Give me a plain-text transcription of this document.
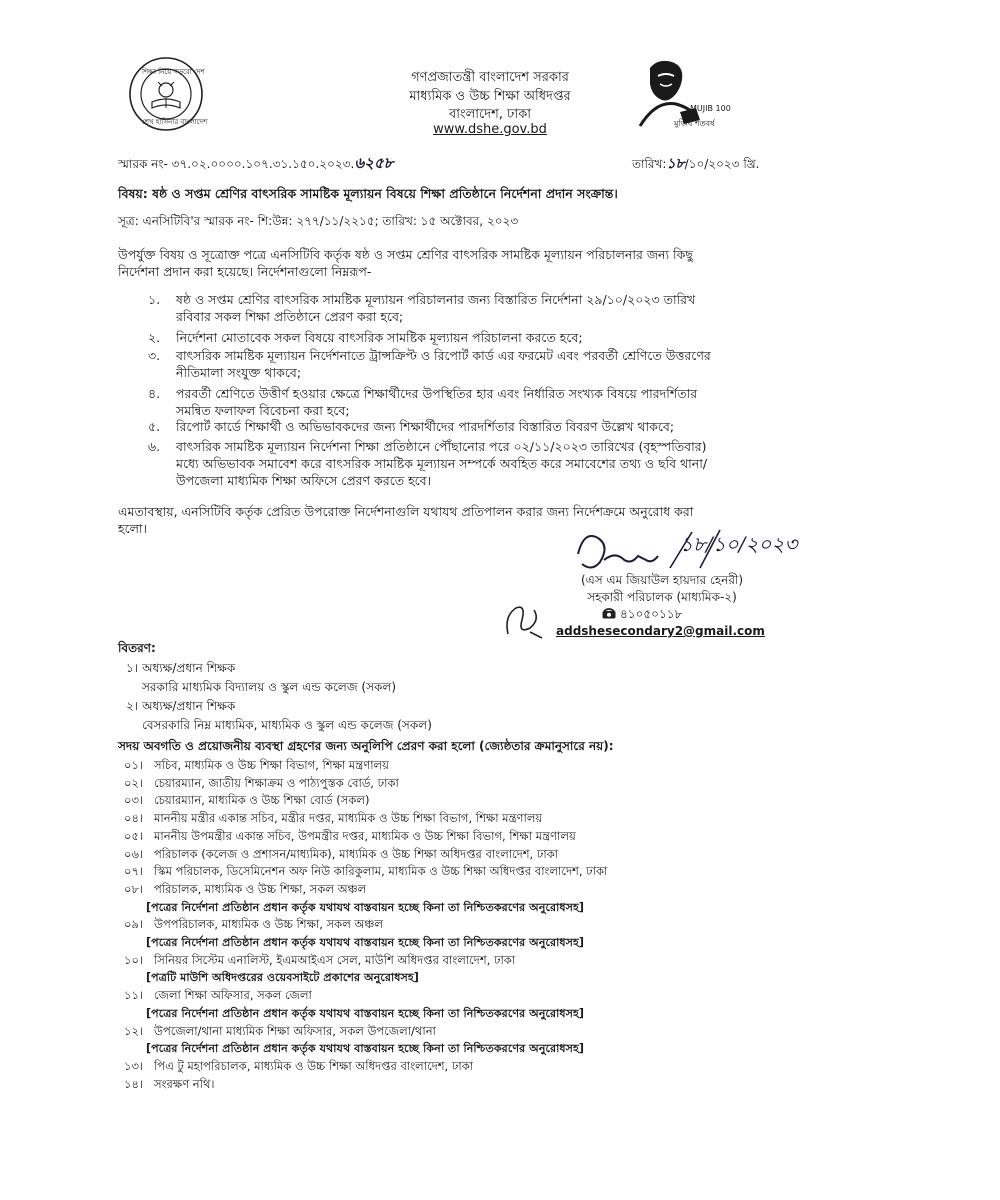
শিক্ষা নিয়ে গড়বো দেশ
শেখ হাসিনার বাংলাদেশ
গণপ্রজাতন্ত্রী বাংলাদেশ সরকার
মাধ্যমিক ও উচ্চ শিক্ষা অধিদপ্তর
বাংলাদেশ, ঢাকা
www.dshe.gov.bd
MUJIB 100
মুজিব শতবর্ষ
স্মারক নং- ৩৭.০২.০০০০.১০৭.৩১.১৫০.২০২৩.৬২৫৮	তারিখ:১৮/১০/২০২৩ খ্রি.
বিষয়: ষষ্ঠ ও সপ্তম শ্রেণির বাৎসরিক সামষ্টিক মূল্যায়ন বিষয়ে শিক্ষা প্রতিষ্ঠানে নির্দেশনা প্রদান সংক্রান্ত।
সূত্র: এনসিটিবি'র স্মারক নং- শি:উন্ন: ২৭৭/১১/২২১৫; তারিখ: ১৫ অক্টোবর, ২০২৩
উপর্যুক্ত বিষয় ও সূত্রোক্ত পত্রে এনসিটিবি কর্তৃক ষষ্ঠ ও সপ্তম শ্রেণির বাৎসরিক সামষ্টিক মূল্যায়ন পরিচালনার জন্য কিছু
নির্দেশনা প্রদান করা হয়েছে। নির্দেশনাগুলো নিম্নরূপ-
১. ষষ্ঠ ও সপ্তম শ্রেণির বাৎসরিক সামষ্টিক মূল্যায়ন পরিচালনার জন্য বিস্তারিত নির্দেশনা ২৯/১০/২০২৩ তারিখ
রবিবার সকল শিক্ষা প্রতিষ্ঠানে প্রেরণ করা হবে;
২. নির্দেশনা মোতাবেক সকল বিষয়ে বাৎসরিক সামষ্টিক মূল্যায়ন পরিচালনা করতে হবে;
৩. বাৎসরিক সামষ্টিক মূল্যায়ন নির্দেশনাতে ট্রান্সক্রিপ্ট ও রিপোর্ট কার্ড এর ফরমেট এবং পরবর্তী শ্রেণিতে উত্তরণের
নীতিমালা সংযুক্ত থাকবে;
৪. পরবর্তী শ্রেণিতে উত্তীর্ণ হওয়ার ক্ষেত্রে শিক্ষার্থীদের উপস্থিতির হার এবং নির্ধারিত সংখ্যক বিষয়ে পারদর্শিতার
সমন্বিত ফলাফল বিবেচনা করা হবে;
৫. রিপোর্ট কার্ডে শিক্ষার্থী ও অভিভাবকদের জন্য শিক্ষার্থীদের পারদর্শিতার বিস্তারিত বিবরণ উল্লেখ থাকবে;
৬. বাৎসরিক সামষ্টিক মূল্যায়ন নির্দেশনা শিক্ষা প্রতিষ্ঠানে পৌঁছানোর পরে ০২/১১/২০২৩ তারিখের (বৃহস্পতিবার)
মধ্যে অভিভাবক সমাবেশ করে বাৎসরিক সামষ্টিক মূল্যায়ন সম্পর্কে অবহিত করে সমাবেশের তথ্য ও ছবি থানা/
উপজেলা মাধ্যমিক শিক্ষা অফিসে প্রেরণ করতে হবে।
এমতাবস্থায়, এনসিটিবি কর্তৃক প্রেরিত উপরোক্ত নির্দেশনাগুলি যথাযথ প্রতিপালন করার জন্য নির্দেশক্রমে অনুরোধ করা
হলো।
১৮/১০/২০২৩
(এস এম জিয়াউল হায়দার হেনরী)
সহকারী পরিচালক (মাধ্যমিক-২)
৪১০৫০১১৮
addshesecondary2@gmail.com
বিতরণ:
১। অধ্যক্ষ/প্রধান শিক্ষক
সরকারি মাধ্যমিক বিদ্যালয় ও স্কুল এন্ড কলেজ (সকল)
২। অধ্যক্ষ/প্রধান শিক্ষক
বেসরকারি নিম্ন মাধ্যমিক, মাধ্যমিক ও স্কুল এন্ড কলেজ (সকল)
সদয় অবগতি ও প্রয়োজনীয় ব্যবস্থা গ্রহণের জন্য অনুলিপি প্রেরণ করা হলো (জ্যেষ্ঠতার ক্রমানুসারে নয়):
০১। সচিব, মাধ্যমিক ও উচ্চ শিক্ষা বিভাগ, শিক্ষা মন্ত্রণালয়
০২। চেয়ারম্যান, জাতীয় শিক্ষাক্রম ও পাঠ্যপুস্তক বোর্ড, ঢাকা
০৩। চেয়ারম্যান, মাধ্যমিক ও উচ্চ শিক্ষা বোর্ড (সকল)
০৪। মাননীয় মন্ত্রীর একান্ত সচিব, মন্ত্রীর দপ্তর, মাধ্যমিক ও উচ্চ শিক্ষা বিভাগ, শিক্ষা মন্ত্রণালয়
০৫। মাননীয় উপমন্ত্রীর একান্ত সচিব, উপমন্ত্রীর দপ্তর, মাধ্যমিক ও উচ্চ শিক্ষা বিভাগ, শিক্ষা মন্ত্রণালয়
০৬। পরিচালক (কলেজ ও প্রশাসন/মাধ্যমিক), মাধ্যমিক ও উচ্চ শিক্ষা অধিদপ্তর বাংলাদেশ, ঢাকা
০৭। স্কিম পরিচালক, ডিসেমিনেশন অফ নিউ কারিকুলাম, মাধ্যমিক ও উচ্চ শিক্ষা অধিদপ্তর বাংলাদেশ, ঢাকা
০৮। পরিচালক, মাধ্যমিক ও উচ্চ শিক্ষা, সকল অঞ্চল
[পত্রের নির্দেশনা প্রতিষ্ঠান প্রধান কর্তৃক যথাযথ বাস্তবায়ন হচ্ছে কিনা তা নিশ্চিতকরণের অনুরোধসহ]
০৯। উপপরিচালক, মাধ্যমিক ও উচ্চ শিক্ষা, সকল অঞ্চল
[পত্রের নির্দেশনা প্রতিষ্ঠান প্রধান কর্তৃক যথাযথ বাস্তবায়ন হচ্ছে কিনা তা নিশ্চিতকরণের অনুরোধসহ]
১০। সিনিয়র সিস্টেম এনালিস্ট, ইএমআইএস সেল, মাউশি অধিদপ্তর বাংলাদেশ, ঢাকা
[পত্রটি মাউশি অধিদপ্তরের ওয়েবসাইটে প্রকাশের অনুরোধসহ]
১১। জেলা শিক্ষা অফিসার, সকল জেলা
[পত্রের নির্দেশনা প্রতিষ্ঠান প্রধান কর্তৃক যথাযথ বাস্তবায়ন হচ্ছে কিনা তা নিশ্চিতকরণের অনুরোধসহ]
১২। উপজেলা/থানা মাধ্যমিক শিক্ষা অফিসার, সকল উপজেলা/থানা
[পত্রের নির্দেশনা প্রতিষ্ঠান প্রধান কর্তৃক যথাযথ বাস্তবায়ন হচ্ছে কিনা তা নিশ্চিতকরণের অনুরোধসহ]
১৩। পিএ টু মহাপরিচালক, মাধ্যমিক ও উচ্চ শিক্ষা অধিদপ্তর বাংলাদেশ, ঢাকা
১৪। সংরক্ষণ নথি।
